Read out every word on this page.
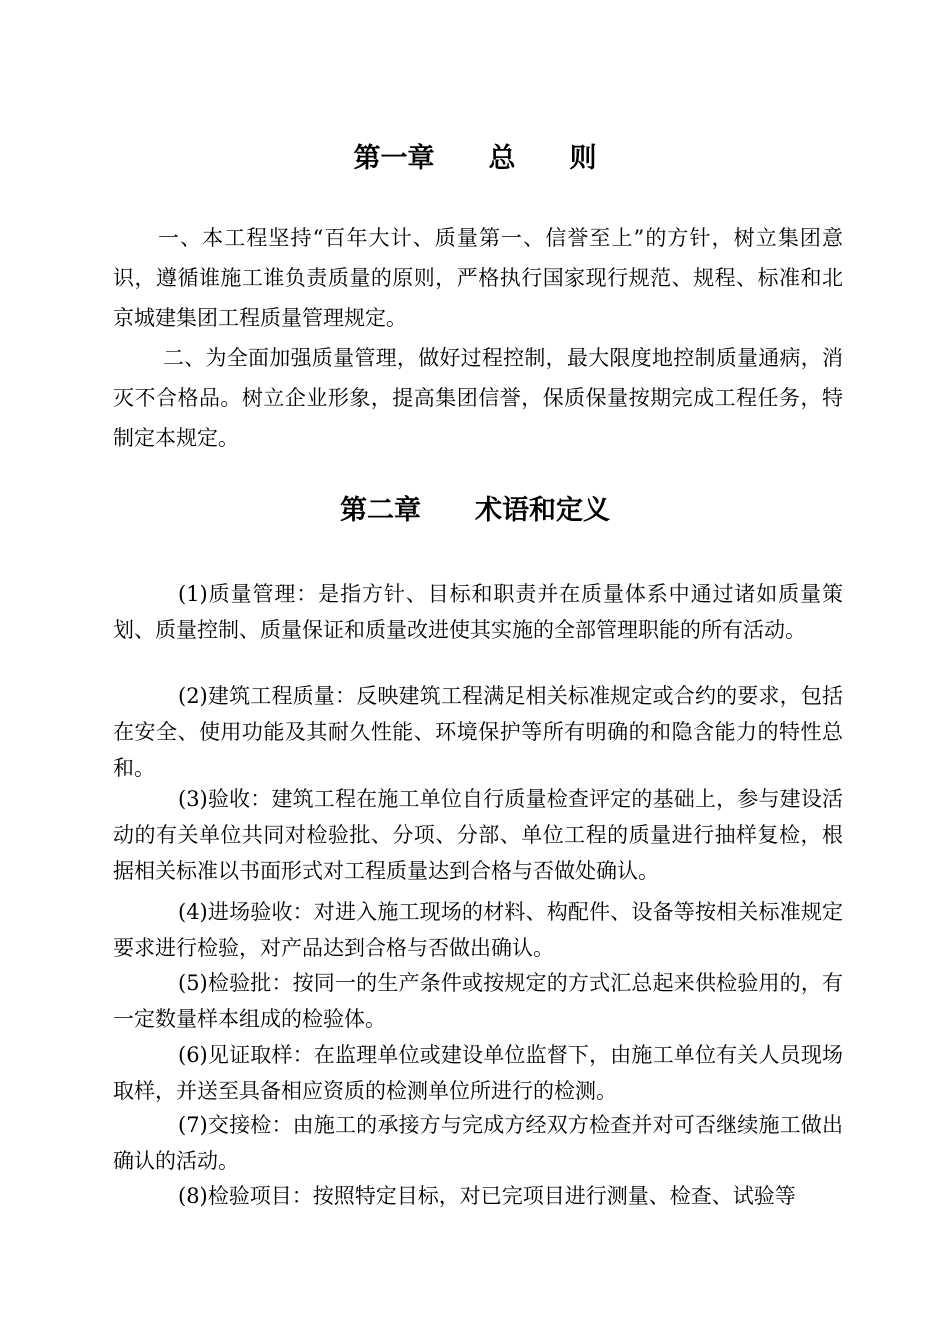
第一章　　总　　则
一、本工程坚持“百年大计、质量第一、信誉至上”的方针，树立集团意识，遵循谁施工谁负责质量的原则，严格执行国家现行规范、规程、标准和北京城建集团工程质量管理规定。
二、为全面加强质量管理，做好过程控制，最大限度地控制质量通病，消灭不合格品。树立企业形象，提高集团信誉，保质保量按期完成工程任务，特制定本规定。
第二章　　术语和定义
(1)质量管理：是指方针、目标和职责并在质量体系中通过诸如质量策划、质量控制、质量保证和质量改进使其实施的全部管理职能的所有活动。
(2)建筑工程质量：反映建筑工程满足相关标准规定或合约的要求，包括在安全、使用功能及其耐久性能、环境保护等所有明确的和隐含能力的特性总和。
(3)验收：建筑工程在施工单位自行质量检查评定的基础上，参与建设活动的有关单位共同对检验批、分项、分部、单位工程的质量进行抽样复检，根据相关标准以书面形式对工程质量达到合格与否做处确认。
(4)进场验收：对进入施工现场的材料、构配件、设备等按相关标准规定要求进行检验，对产品达到合格与否做出确认。
(5)检验批：按同一的生产条件或按规定的方式汇总起来供检验用的，有一定数量样本组成的检验体。
(6)见证取样：在监理单位或建设单位监督下，由施工单位有关人员现场取样，并送至具备相应资质的检测单位所进行的检测。
(7)交接检：由施工的承接方与完成方经双方检查并对可否继续施工做出确认的活动。
(8)检验项目：按照特定目标，对已完项目进行测量、检查、试验等
